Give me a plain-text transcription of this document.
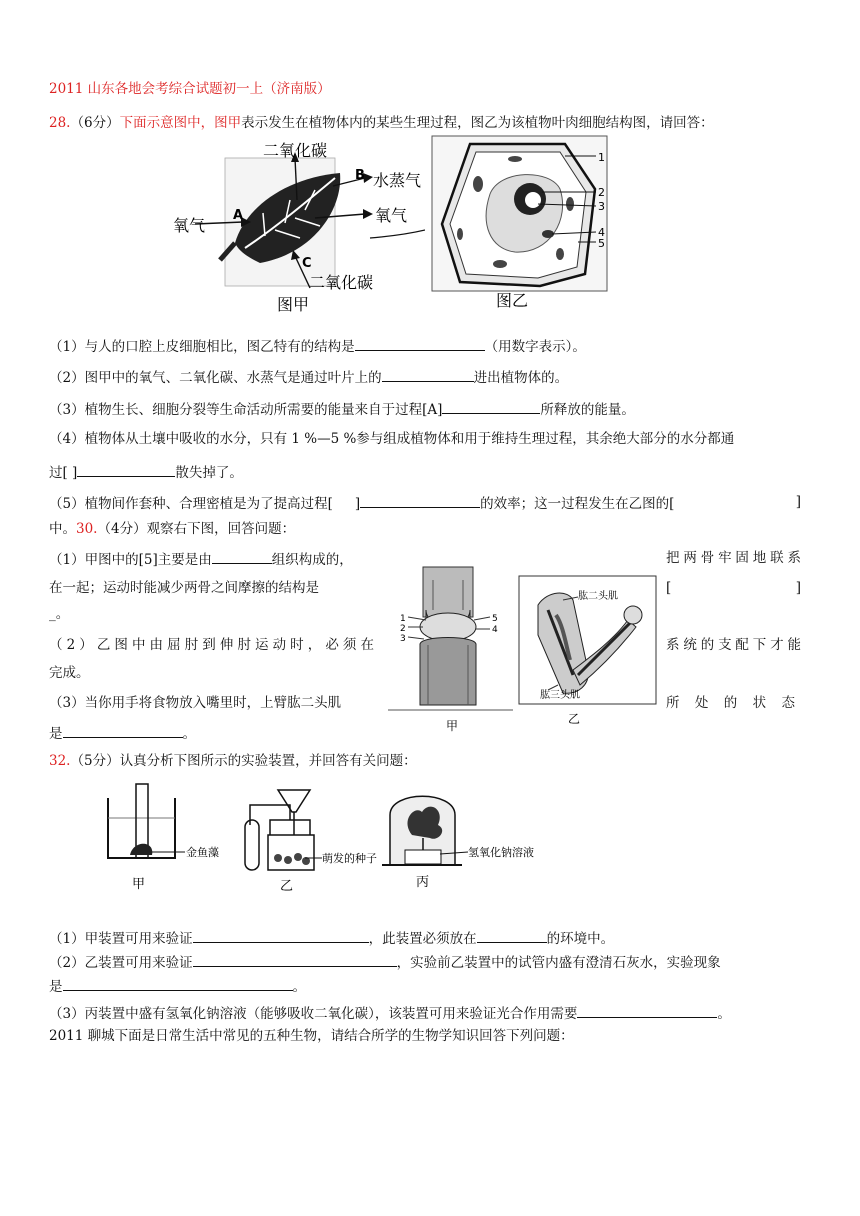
2011 山东各地会考综合试题初一上（济南版）
28.（6分）下面示意图中，图甲表示发生在植物体内的某些生理过程，图乙为该植物叶肉细胞结构图，请回答：
二氧化碳
B 水蒸气
氧气
A	氧气
C
二氧化碳
图甲
1
2
3
4
5
图乙
（1）与人的口腔上皮细胞相比，图乙特有的结构是	（用数字表示）。
（2）图甲中的氧气、二氧化碳、水蒸气是通过叶片上的	进出植物体的。
（3）植物生长、细胞分裂等生命活动所需要的能量来自于过程[A]	所释放的能量。
（4）植物体从土壤中吸收的水分，只有 1 %—5 %参与组成植物体和用于维持生理过程，其余绝大部分的水分都通
过[ ]	散失掉了。
（5）植物间作套种、合理密植是为了提高过程[ ]	的效率；这一过程发生在乙图的[	]
中。30.（4分）观察右下图，回答问题：
（1）甲图中的[5]主要是由	组织构成的，
在一起；运动时能减少两骨之间摩擦的结构是
_。
（2）乙图中由屈肘到伸肘运动时，必须在
完成。
（3）当你用手将食物放入嘴里时，上臂肱二头肌
是	。
把两骨牢固地联系
[	]
系统的支配下才能
所处的状态
1
2
3
4
5
甲
肱二头肌
肱三头肌
乙
32.（5分）认真分析下图所示的实验装置，并回答有关问题：
金鱼藻
甲
萌发的种子
乙
氢氧化钠溶液
丙
（1）甲装置可用来验证	，此装置必须放在	的环境中。
（2）乙装置可用来验证	，实验前乙装置中的试管内盛有澄清石灰水，实验现象
是	。
（3）丙装置中盛有氢氧化钠溶液（能够吸收二氧化碳），该装置可用来验证光合作用需要	。
2011 聊城下面是日常生活中常见的五种生物，请结合所学的生物学知识回答下列问题：
